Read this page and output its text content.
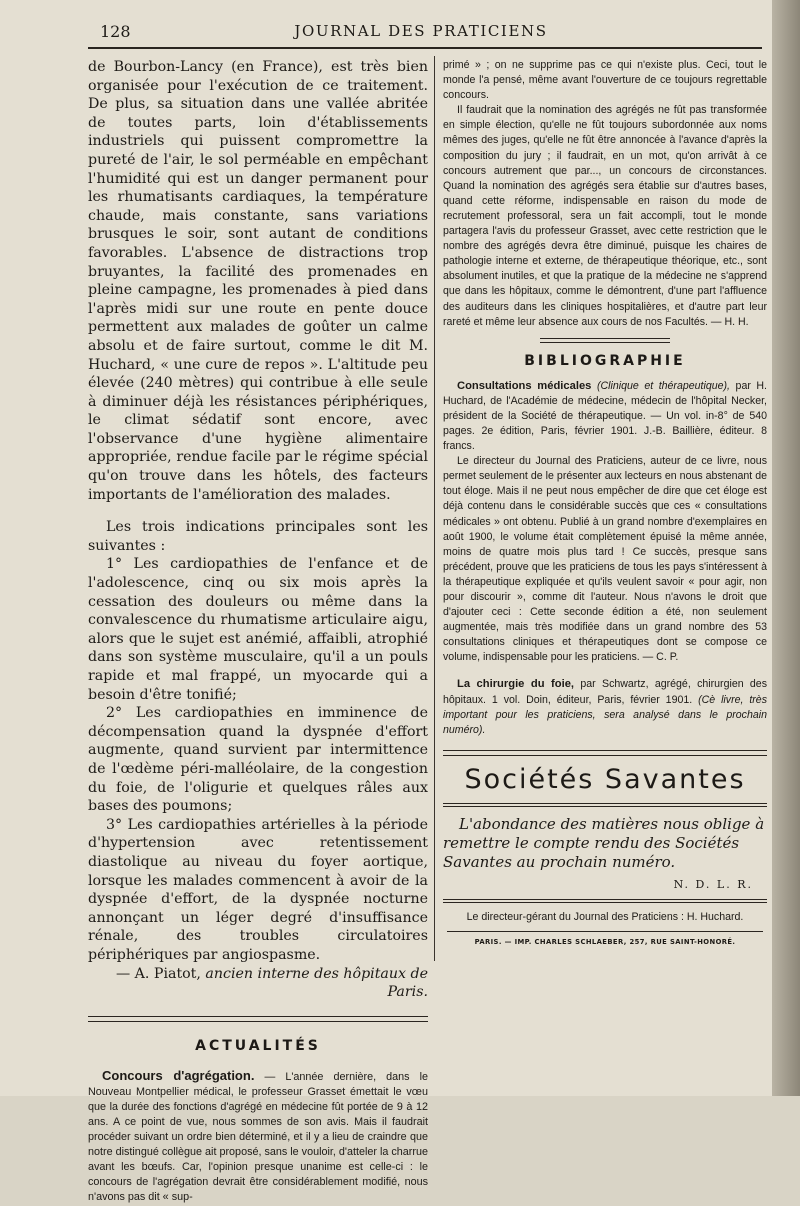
128	JOURNAL DES PRATICIENS

de Bourbon-Lancy (en France), est très bien organisée pour l'exécution de ce traitement. De plus, sa situation dans une vallée abritée de toutes parts, loin d'établissements industriels qui puissent compromettre la pureté de l'air, le sol perméable en empêchant l'humidité qui est un danger permanent pour les rhumatisants cardiaques, la température chaude, mais constante, sans variations brusques le soir, sont autant de conditions favorables. L'absence de distractions trop bruyantes, la facilité des promenades en pleine campagne, les promenades à pied dans l'après midi sur une route en pente douce permettent aux malades de goûter un calme absolu et de faire surtout, comme le dit M. Huchard, « une cure de repos ». L'altitude peu élevée (240 mètres) qui contribue à elle seule à diminuer déjà les résistances périphériques, le climat sédatif sont encore, avec l'observance d'une hygiène alimentaire appropriée, rendue facile par le régime spécial qu'on trouve dans les hôtels, des facteurs importants de l'amélioration des malades.

Les trois indications principales sont les suivantes :

1° Les cardiopathies de l'enfance et de l'adolescence, cinq ou six mois après la cessation des douleurs ou même dans la convalescence du rhumatisme articulaire aigu, alors que le sujet est anémié, affaibli, atrophié dans son système musculaire, qu'il a un pouls rapide et mal frappé, un myocarde qui a besoin d'être tonifié;

2° Les cardiopathies en imminence de décompensation quand la dyspnée d'effort augmente, quand survient par intermittence de l'œdème péri-malléolaire, de la congestion du foie, de l'oligurie et quelques râles aux bases des poumons;

3° Les cardiopathies artérielles à la période d'hypertension avec retentissement diastolique au niveau du foyer aortique, lorsque les malades commencent à avoir de la dyspnée d'effort, de la dyspnée nocturne annonçant un léger degré d'insuffisance rénale, des troubles circulatoires périphériques par angiospasme.

— A. Piatot, ancien interne des hôpitaux de Paris.

ACTUALITÉS

Concours d'agrégation. — L'année dernière, dans le Nouveau Montpellier médical, le professeur Grasset émettait le vœu que la durée des fonctions d'agrégé en médecine fût portée de 9 à 12 ans. A ce point de vue, nous sommes de son avis. Mais il faudrait procéder suivant un ordre bien déterminé, et il y a lieu de craindre que notre distingué collègue ait proposé, sans le vouloir, d'atteler la charrue avant les bœufs. Car, l'opinion presque unanime est celle-ci : le concours de l'agrégation devrait être considérablement modifié, nous n'avons pas dit « sup-

primé » ; on ne supprime pas ce qui n'existe plus. Ceci, tout le monde l'a pensé, même avant l'ouverture de ce toujours regrettable concours.

Il faudrait que la nomination des agrégés ne fût pas transformée en simple élection, qu'elle ne fût toujours subordonnée aux noms mêmes des juges, qu'elle ne fût être annoncée à l'avance d'après la composition du jury ; il faudrait, en un mot, qu'on arrivât à ce concours autrement que par..., un concours de circonstances. Quand la nomination des agrégés sera établie sur d'autres bases, quand cette réforme, indispensable en raison du mode de recrutement professoral, sera un fait accompli, tout le monde partagera l'avis du professeur Grasset, avec cette restriction que le nombre des agrégés devra être diminué, puisque les chaires de pathologie interne et externe, de thérapeutique théorique, etc., sont absolument inutiles, et que la pratique de la médecine ne s'apprend que dans les hôpitaux, comme le démontrent, d'une part l'affluence des auditeurs dans les cliniques hospitalières, et d'autre part leur rareté et même leur absence aux cours de nos Facultés. — H. H.

BIBLIOGRAPHIE

Consultations médicales (Clinique et thérapeutique), par H. Huchard, de l'Académie de médecine, médecin de l'hôpital Necker, président de la Société de thérapeutique. — Un vol. in-8° de 540 pages. 2e édition, Paris, février 1901. J.-B. Baillière, éditeur. 8 francs.

Le directeur du Journal des Praticiens, auteur de ce livre, nous permet seulement de le présenter aux lecteurs en nous abstenant de tout éloge. Mais il ne peut nous empêcher de dire que cet éloge est déjà contenu dans le considérable succès que ces « consultations médicales » ont obtenu. Publié à un grand nombre d'exemplaires en août 1900, le volume était complètement épuisé la même année, moins de quatre mois plus tard ! Ce succès, presque sans précédent, prouve que les praticiens de tous les pays s'intéressent à la thérapeutique expliquée et qu'ils veulent savoir « pour agir, non pour discourir », comme dit l'auteur. Nous n'avons le droit que d'ajouter ceci : Cette seconde édition a été, non seulement augmentée, mais très modifiée dans un grand nombre des 53 consultations cliniques et thérapeutiques dont se compose ce volume, indispensable pour les praticiens. — C. P.

La chirurgie du foie, par Schwartz, agrégé, chirurgien des hôpitaux. 1 vol. Doin, éditeur, Paris, février 1901. (Cè livre, très important pour les praticiens, sera analysé dans le prochain numéro).

Sociétés Savantes

L'abondance des matières nous oblige à remettre le compte rendu des Sociétés Savantes au prochain numéro.

N. D. L. R.
Le directeur-gérant du Journal des Praticiens : H. Huchard.
PARIS. — IMP. CHARLES SCHLAEBER, 257, RUE SAINT-HONORÉ.
